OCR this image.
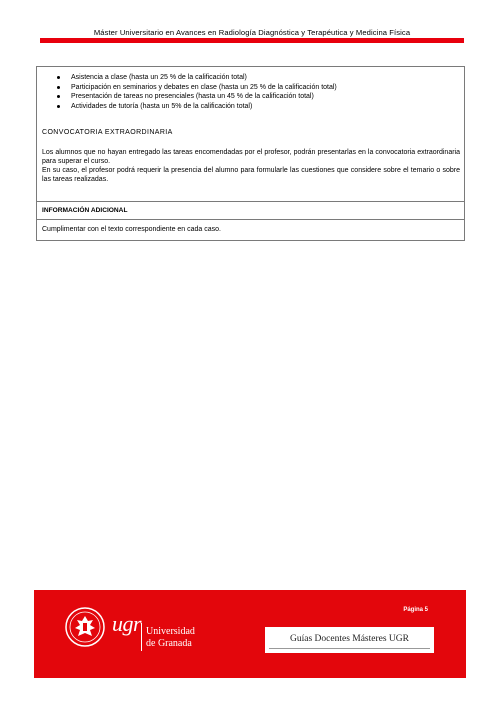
Máster Universitario en Avances en Radiología Diagnóstica y Terapéutica y Medicina Física
Asistencia a clase (hasta un 25 % de la calificación total)
Participación en seminarios y debates en clase (hasta un 25 % de la calificación total)
Presentación de tareas no presenciales (hasta un 45 % de la calificación total)
Actividades de tutoría (hasta un 5% de la calificación total)
CONVOCATORIA EXTRAORDINARIA
Los alumnos que no hayan entregado las tareas encomendadas por el profesor, podrán presentarlas en la convocatoria extraordinaria para superar el curso.
En su caso, el profesor podrá requerir la presencia del alumno para formularle las cuestiones que considere sobre el temario o sobre las tareas realizadas.
INFORMACIÓN ADICIONAL
Cumplimentar con el texto correspondiente en cada caso.
Página 5
ugr Universidad
de Granada	Guías Docentes Másteres UGR
